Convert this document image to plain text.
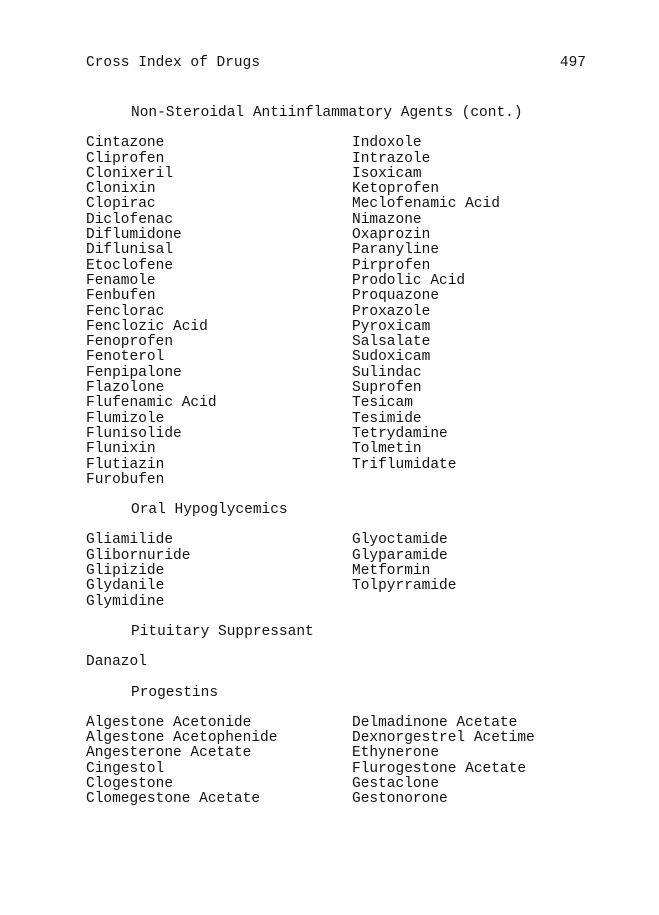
Cross Index of Drugs	497
Non-Steroidal Antiinflammatory Agents (cont.)
Cintazone
Cliprofen
Clonixeril
Clonixin
Clopirac
Diclofenac
Diflumidone
Diflunisal
Etoclofene
Fenamole
Fenbufen
Fenclorac
Fenclozic Acid
Fenoprofen
Fenoterol
Fenpipalone
Flazolone
Flufenamic Acid
Flumizole
Flunisolide
Flunixin
Flutiazin
Furobufen
Indoxole
Intrazole
Isoxicam
Ketoprofen
Meclofenamic Acid
Nimazone
Oxaprozin
Paranyline
Pirprofen
Prodolic Acid
Proquazone
Proxazole
Pyroxicam
Salsalate
Sudoxicam
Sulindac
Suprofen
Tesicam
Tesimide
Tetrydamine
Tolmetin
Triflumidate
Oral Hypoglycemics
Gliamilide
Glibornuride
Glipizide
Glydanile
Glymidine
Glyoctamide
Glyparamide
Metformin
Tolpyrramide
Pituitary Suppressant
Danazol
Progestins
Algestone Acetonide
Algestone Acetophenide
Angesterone Acetate
Cingestol
Clogestone
Clomegestone Acetate
Delmadinone Acetate
Dexnorgestrel Acetime
Ethynerone
Flurogestone Acetate
Gestaclone
Gestonorone
